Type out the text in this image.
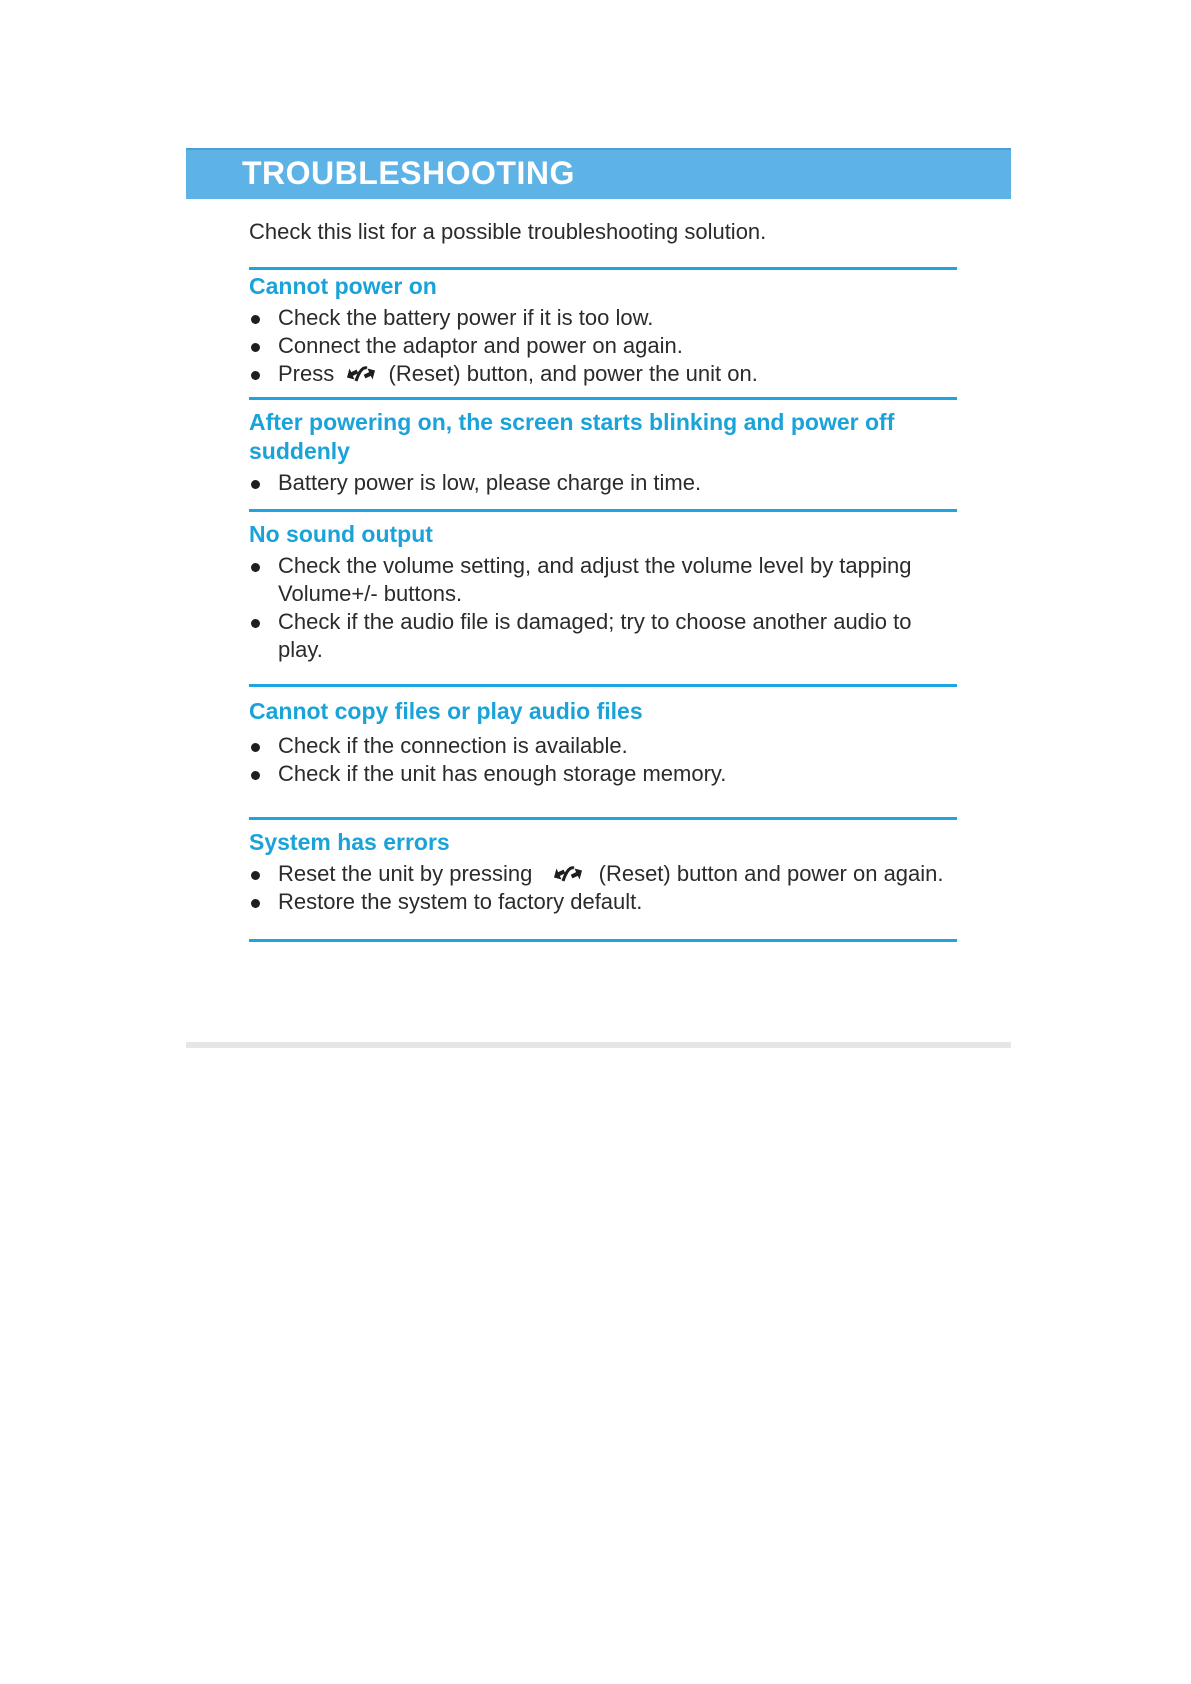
TROUBLESHOOTING

Check this list for a possible troubleshooting solution.

Cannot power on
Check the battery power if it is too low.
Connect the adaptor and power on again.
Press (Reset) button, and power the unit on.
After powering on, the screen starts blinking and power off suddenly
Battery power is low, please charge in time.
No sound output
Check the volume setting, and adjust the volume level by tapping Volume+/- buttons.
Check if the audio file is damaged; try to choose another audio to play.
Cannot copy files or play audio files
Check if the connection is available.
Check if the unit has enough storage memory.
System has errors
Reset the unit by pressing	(Reset) button and power on again.
Restore the system to factory default.
